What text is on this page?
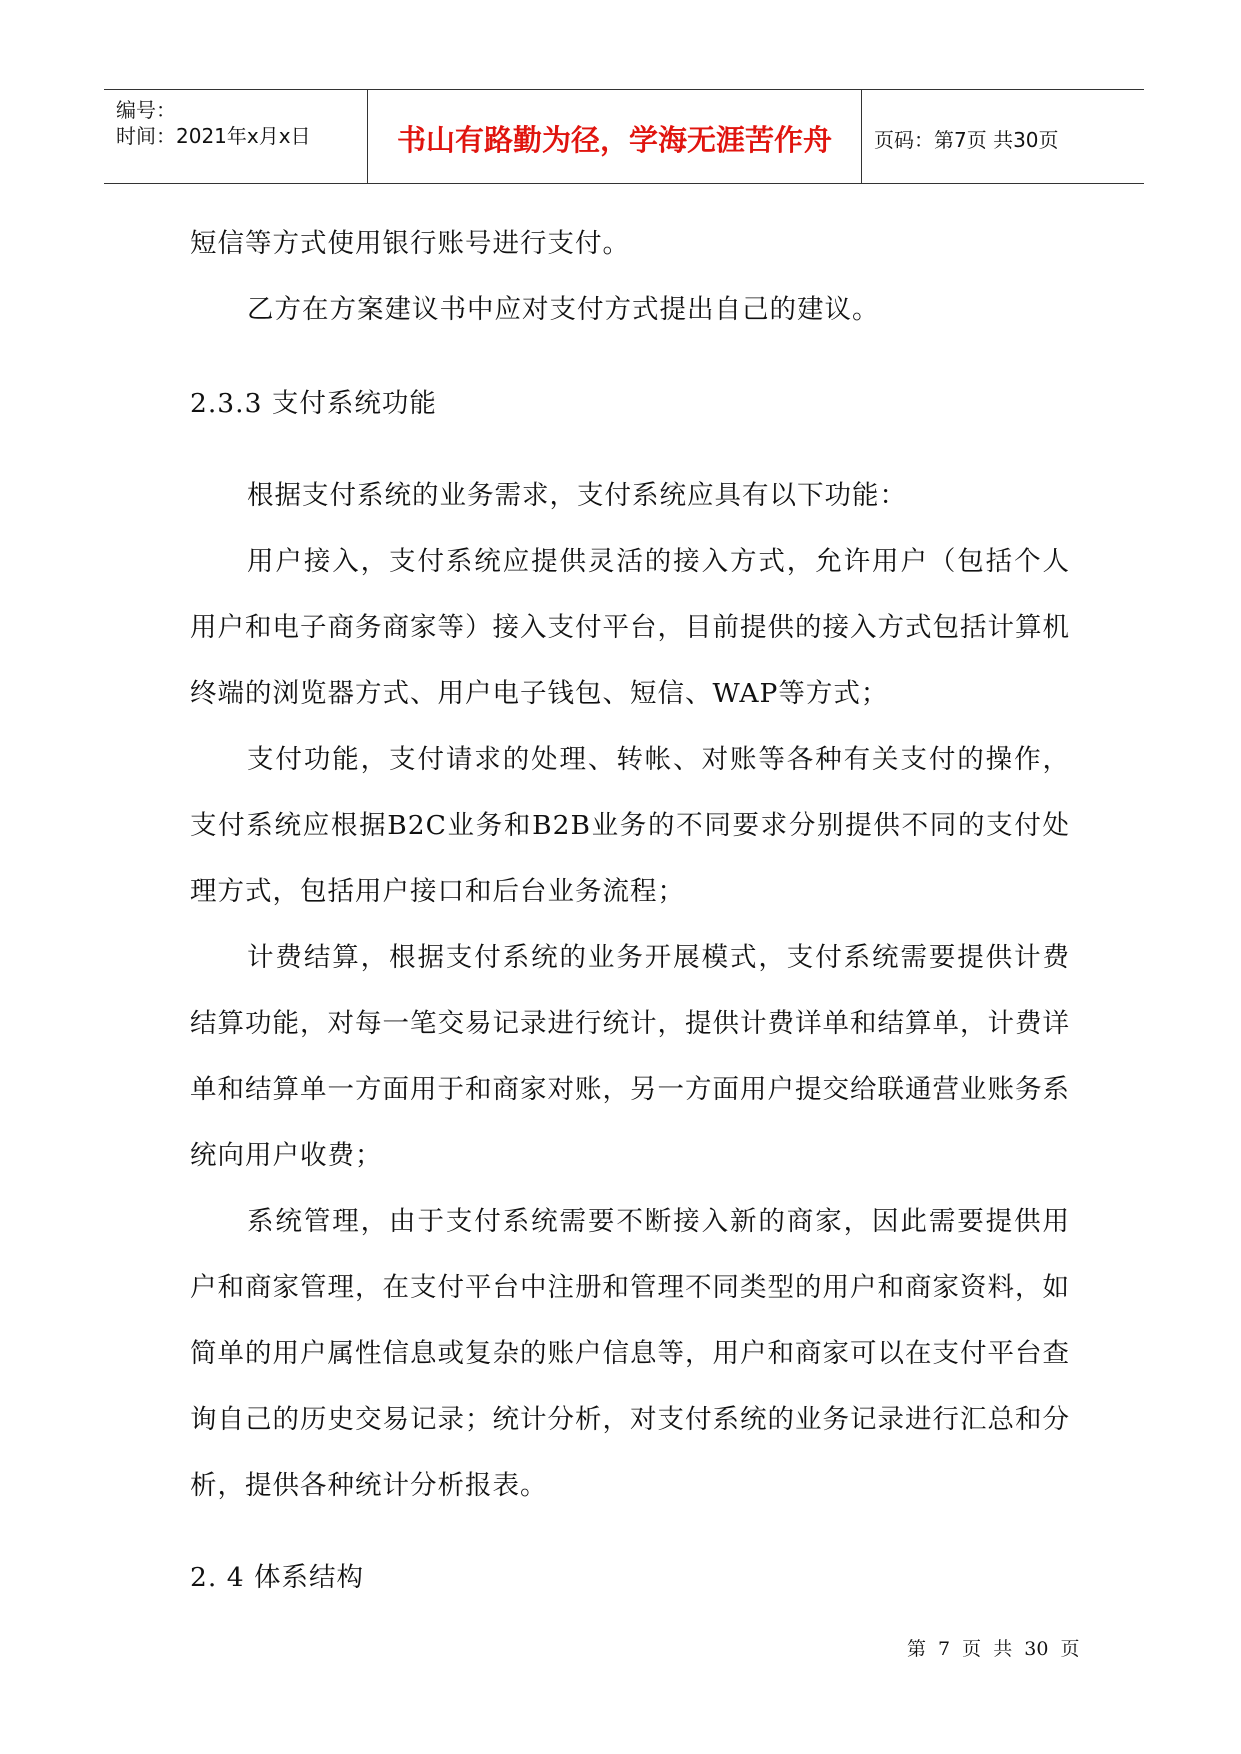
编号：
时间：2021年x月x日	书山有路勤为径，学海无涯苦作舟	页码：第7页 共30页

短信等方式使用银行账号进行支付。

乙方在方案建议书中应对支付方式提出自己的建议。

2.3.3 支付系统功能

根据支付系统的业务需求，支付系统应具有以下功能：

用户接入，支付系统应提供灵活的接入方式，允许用户（包括个人用户和电子商务商家等）接入支付平台，目前提供的接入方式包括计算机终端的浏览器方式、用户电子钱包、短信、WAP等方式；

支付功能，支付请求的处理、转帐、对账等各种有关支付的操作，支付系统应根据B2C业务和B2B业务的不同要求分别提供不同的支付处理方式，包括用户接口和后台业务流程；

计费结算，根据支付系统的业务开展模式，支付系统需要提供计费结算功能，对每一笔交易记录进行统计，提供计费详单和结算单，计费详单和结算单一方面用于和商家对账，另一方面用户提交给联通营业账务系统向用户收费；

系统管理，由于支付系统需要不断接入新的商家，因此需要提供用户和商家管理，在支付平台中注册和管理不同类型的用户和商家资料，如简单的用户属性信息或复杂的账户信息等，用户和商家可以在支付平台查询自己的历史交易记录；统计分析，对支付系统的业务记录进行汇总和分析，提供各种统计分析报表。

2. 4 体系结构
第 7 页 共 30 页
